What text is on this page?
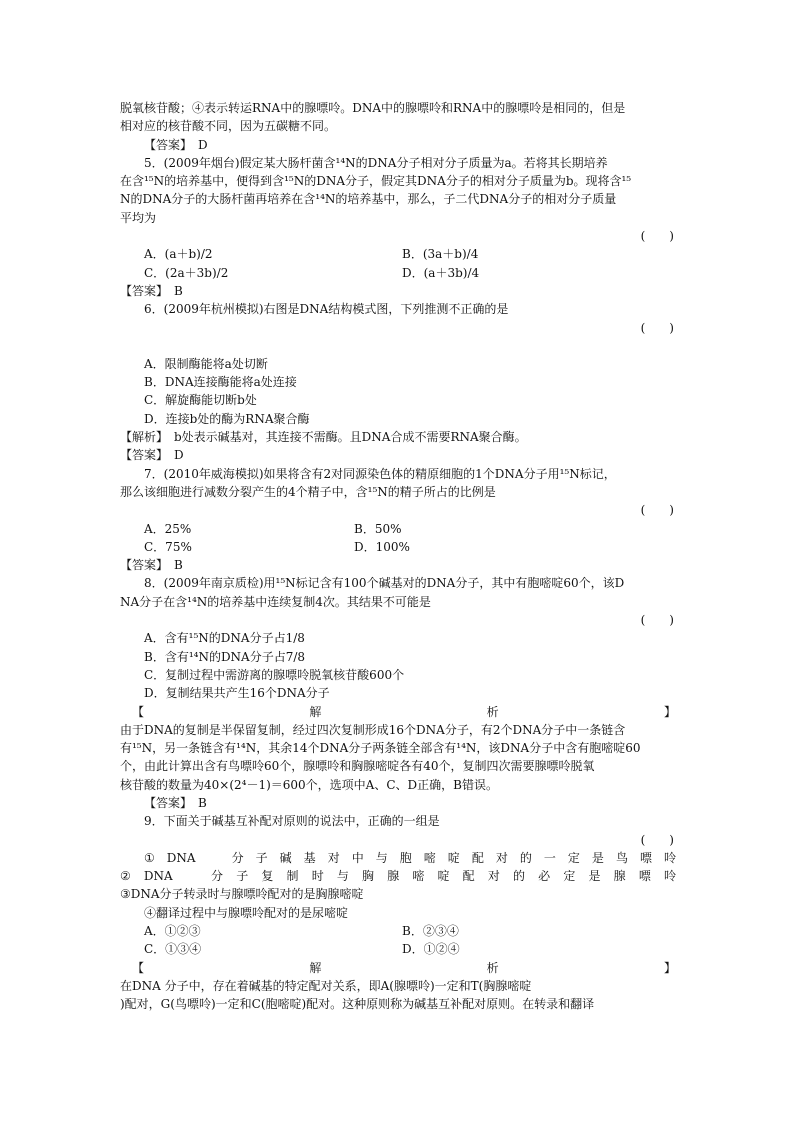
脱氧核苷酸；④表示转运RNA中的腺嘌呤。DNA中的腺嘌呤和RNA中的腺嘌呤是相同的，但是
相对应的核苷酸不同，因为五碳糖不同。
【答案】　D
5．(2009年烟台)假定某大肠杆菌含¹⁴N的DNA分子相对分子质量为a。若将其长期培养
在含¹⁵N的培养基中，便得到含¹⁵N的DNA分子，假定其DNA分子的相对分子质量为b。现将含¹⁵
N的DNA分子的大肠杆菌再培养在含¹⁴N的培养基中，那么，子二代DNA分子的相对分子质量
平均为
(　　)
A．(a＋b)/2	B．(3a＋b)/4
C．(2a＋3b)/2	D．(a＋3b)/4
【答案】　B
6．(2009年杭州模拟)右图是DNA结构模式图，下列推测不正确的是
(　　)
A．限制酶能将a处切断
B．DNA连接酶能将a处连接
C．解旋酶能切断b处
D．连接b处的酶为RNA聚合酶
【解析】　b处表示碱基对，其连接不需酶。且DNA合成不需要RNA聚合酶。
【答案】　D
7．(2010年威海模拟)如果将含有2对同源染色体的精原细胞的1个DNA分子用¹⁵N标记，
那么该细胞进行减数分裂产生的4个精子中，含¹⁵N的精子所占的比例是
(　　)
A．25%	B．50%
C．75%	D．100%
【答案】　B
8．(2009年南京质检)用¹⁵N标记含有100个碱基对的DNA分子，其中有胞嘧啶60个，该D
NA分子在含¹⁴N的培养基中连续复制4次。其结果不可能是
(　　)
A．含有¹⁵N的DNA分子占1/8
B．含有¹⁴N的DNA分子占7/8
C．复制过程中需游离的腺嘌呤脱氧核苷酸600个
D．复制结果共产生16个DNA分子
【	解	析	】
由于DNA的复制是半保留复制，经过四次复制形成16个DNA分子，有2个DNA分子中一条链含
有¹⁵N，另一条链含有¹⁴N，其余14个DNA分子两条链全部含有¹⁴N，该DNA分子中含有胞嘧啶60
个，由此计算出含有鸟嘌呤60个，腺嘌呤和胸腺嘧啶各有40个，复制四次需要腺嘌呤脱氧
核苷酸的数量为40×(2⁴－1)＝600个，选项中A、C、D正确，B错误。
【答案】　B
9．下面关于碱基互补配对原则的说法中，正确的一组是
(　　)
①DNA　分子碱基对中与胞嘧啶配对的一定是鸟嘌呤
②DNA　分子复制时与胸腺嘧啶配对的必定是腺嘌呤
③DNA分子转录时与腺嘌呤配对的是胸腺嘧啶
④翻译过程中与腺嘌呤配对的是尿嘧啶
A．①②③	B．②③④
C．①③④	D．①②④
【	解	析	】
在DNA 分子中，存在着碱基的特定配对关系，即A(腺嘌呤)一定和T(胸腺嘧啶
)配对，G(鸟嘌呤)一定和C(胞嘧啶)配对。这种原则称为碱基互补配对原则。在转录和翻译
